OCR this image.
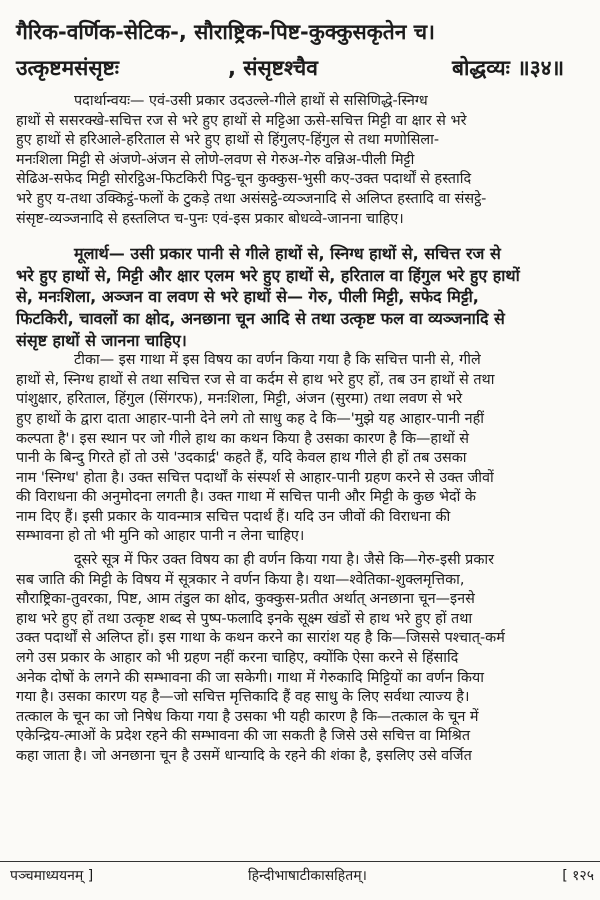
गैरिक-वर्णिक-सेटिक-, सौराष्ट्रिक-पिष्ट-कुक्कुसकृतेन च।
उत्कृष्टमसंसृष्टः	, संसृष्टश्चैव	बोद्धव्यः ॥३४॥
पदार्थान्वयः— एवं-उसी प्रकार उदउल्ले-गीले हाथों से ससिणिद्धे-स्निग्ध
हाथों से ससरक्खे-सचित्त रज से भरे हुए हाथों से मट्टिआ ऊसे-सचित्त मिट्टी वा क्षार से भरे
हुए हाथों से हरिआले-हरिताल से भरे हुए हाथों से हिंगुलए-हिंगुल से तथा मणोसिला-
मनःशिला मिट्टी से अंजणे-अंजन से लोणे-लवण से गेरुअ-गेरु वन्निअ-पीली मिट्टी
सेढिअ-सफेद मिट्टी सोरट्ठिअ-फिटकिरी पिट्ठ-चून कुक्कुस-भुसी कए-उक्त पदार्थों से हस्तादि
भरे हुए य-तथा उक्किट्ठं-फलों के टुकड़े तथा असंसट्ठे-व्यञ्जनादि से अलिप्त हस्तादि वा संसट्ठे-
संसृष्ट-व्यञ्जनादि से हस्तलिप्त च-पुनः एवं-इस प्रकार बोधव्वे-जानना चाहिए।
मूलार्थ— उसी प्रकार पानी से गीले हाथों से, स्निग्ध हाथों से, सचित्त रज से
भरे हुए हाथों से, मिट्टी और क्षार एलम भरे हुए हाथों से, हरिताल वा हिंगुल भरे हुए हाथों
से, मनःशिला, अञ्जन वा लवण से भरे हाथों से— गेरु, पीली मिट्टी, सफेद मिट्टी,
फिटकिरी, चावलों का क्षोद, अनछाना चून आदि से तथा उत्कृष्ट फल वा व्यञ्जनादि से
संसृष्ट हाथों से जानना चाहिए।
टीका— इस गाथा में इस विषय का वर्णन किया गया है कि सचित्त पानी से, गीले
हाथों से, स्निग्ध हाथों से तथा सचित्त रज से वा कर्दम से हाथ भरे हुए हों, तब उन हाथों से तथा
पांशुक्षार, हरिताल, हिंगुल (सिंगरफ), मनःशिला, मिट्टी, अंजन (सुरमा) तथा लवण से भरे
हुए हाथों के द्वारा दाता आहार-पानी देने लगे तो साधु कह दे कि—'मुझे यह आहार-पानी नहीं
कल्पता है'। इस स्थान पर जो गीले हाथ का कथन किया है उसका कारण है कि—हाथों से
पानी के बिन्दु गिरते हों तो उसे 'उदकार्द्र' कहते हैं, यदि केवल हाथ गीले ही हों तब उसका
नाम 'स्निग्ध' होता है। उक्त सचित्त पदार्थों के संस्पर्श से आहार-पानी ग्रहण करने से उक्त जीवों
की विराधना की अनुमोदना लगती है। उक्त गाथा में सचित्त पानी और मिट्टी के कुछ भेदों के
नाम दिए हैं। इसी प्रकार के यावन्मात्र सचित्त पदार्थ हैं। यदि उन जीवों की विराधना की
सम्भावना हो तो भी मुनि को आहार पानी न लेना चाहिए।
दूसरे सूत्र में फिर उक्त विषय का ही वर्णन किया गया है। जैसे कि—गेरु-इसी प्रकार
सब जाति की मिट्टी के विषय में सूत्रकार ने वर्णन किया है। यथा—श्वेतिका-शुक्लमृत्तिका,
सौराष्ट्रिका-तुवरका, पिष्ट, आम तंडुल का क्षोद, कुक्कुस-प्रतीत अर्थात् अनछाना चून—इनसे
हाथ भरे हुए हों तथा उत्कृष्ट शब्द से पुष्प-फलादि इनके सूक्ष्म खंडों से हाथ भरे हुए हों तथा
उक्त पदार्थों से अलिप्त हों। इस गाथा के कथन करने का सारांश यह है कि—जिससे पश्चात्-कर्म
लगे उस प्रकार के आहार को भी ग्रहण नहीं करना चाहिए, क्योंकि ऐसा करने से हिंसादि
अनेक दोषों के लगने की सम्भावना की जा सकेगी। गाथा में गेरुकादि मिट्टियों का वर्णन किया
गया है। उसका कारण यह है—जो सचित्त मृत्तिकादि हैं वह साधु के लिए सर्वथा त्याज्य है।
तत्काल के चून का जो निषेध किया गया है उसका भी यही कारण है कि—तत्काल के चून में
एकेन्द्रिय-त्माओं के प्रदेश रहने की सम्भावना की जा सकती है जिसे उसे सचित्त वा मिश्रित
कहा जाता है। जो अनछाना चून है उसमें धान्यादि के रहने की शंका है, इसलिए उसे वर्जित
पञ्चमाध्ययनम् ]	हिन्दीभाषाटीकासहितम्।	[ १२५
